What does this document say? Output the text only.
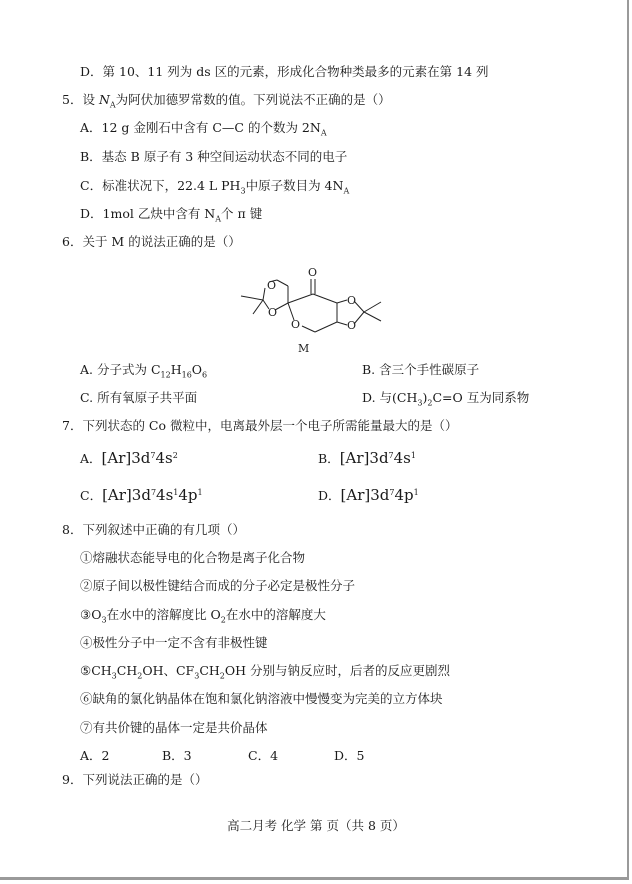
D．第 10、11 列为 ds 区的元素，形成化合物种类最多的元素在第 14 列
5．设 $N_A$为阿伏加德罗常数的值。下列说法不正确的是（）
A．12 g 金刚石中含有 C—C 的个数为 $2N_A$
B．基态 B 原子有 3 种空间运动状态不同的电子
C．标准状况下，22.4 L $PH_3$中原子数目为 $4N_A$
D．1mol 乙炔中含有 $N_A$个 π 键
6．关于 M 的说法正确的是（）
O
O
O
O
O
O
M
A. 分子式为 $C_{12}H_{16}O_6$	B. 含三个手性碳原子
C. 所有氧原子共平面	D. 与$(CH_3)_2C=O$ 互为同系物
7．下列状态的 Co 微粒中，电离最外层一个电子所需能量最大的是（）
A．$[Ar]3d^74s^2$	B．$[Ar]3d^74s^1$
C．$[Ar]3d^74s^14p^1$	D．$[Ar]3d^74p^1$
8．下列叙述中正确的有几项（）
①熔融状态能导电的化合物是离子化合物
②原子间以极性键结合而成的分子必定是极性分子
$③O_3$在水中的溶解度比 $O_2$在水中的溶解度大
④极性分子中一定不含有非极性键
$⑤CH_3CH_2OH$、$CF_3CH_2OH$ 分别与钠反应时，后者的反应更剧烈
⑥缺角的氯化钠晶体在饱和氯化钠溶液中慢慢变为完美的立方体块
⑦有共价键的晶体一定是共价晶体
A．2	B．3	C．4	D．5
9．下列说法正确的是（）
高二月考 化学 第 页（共 8 页）
